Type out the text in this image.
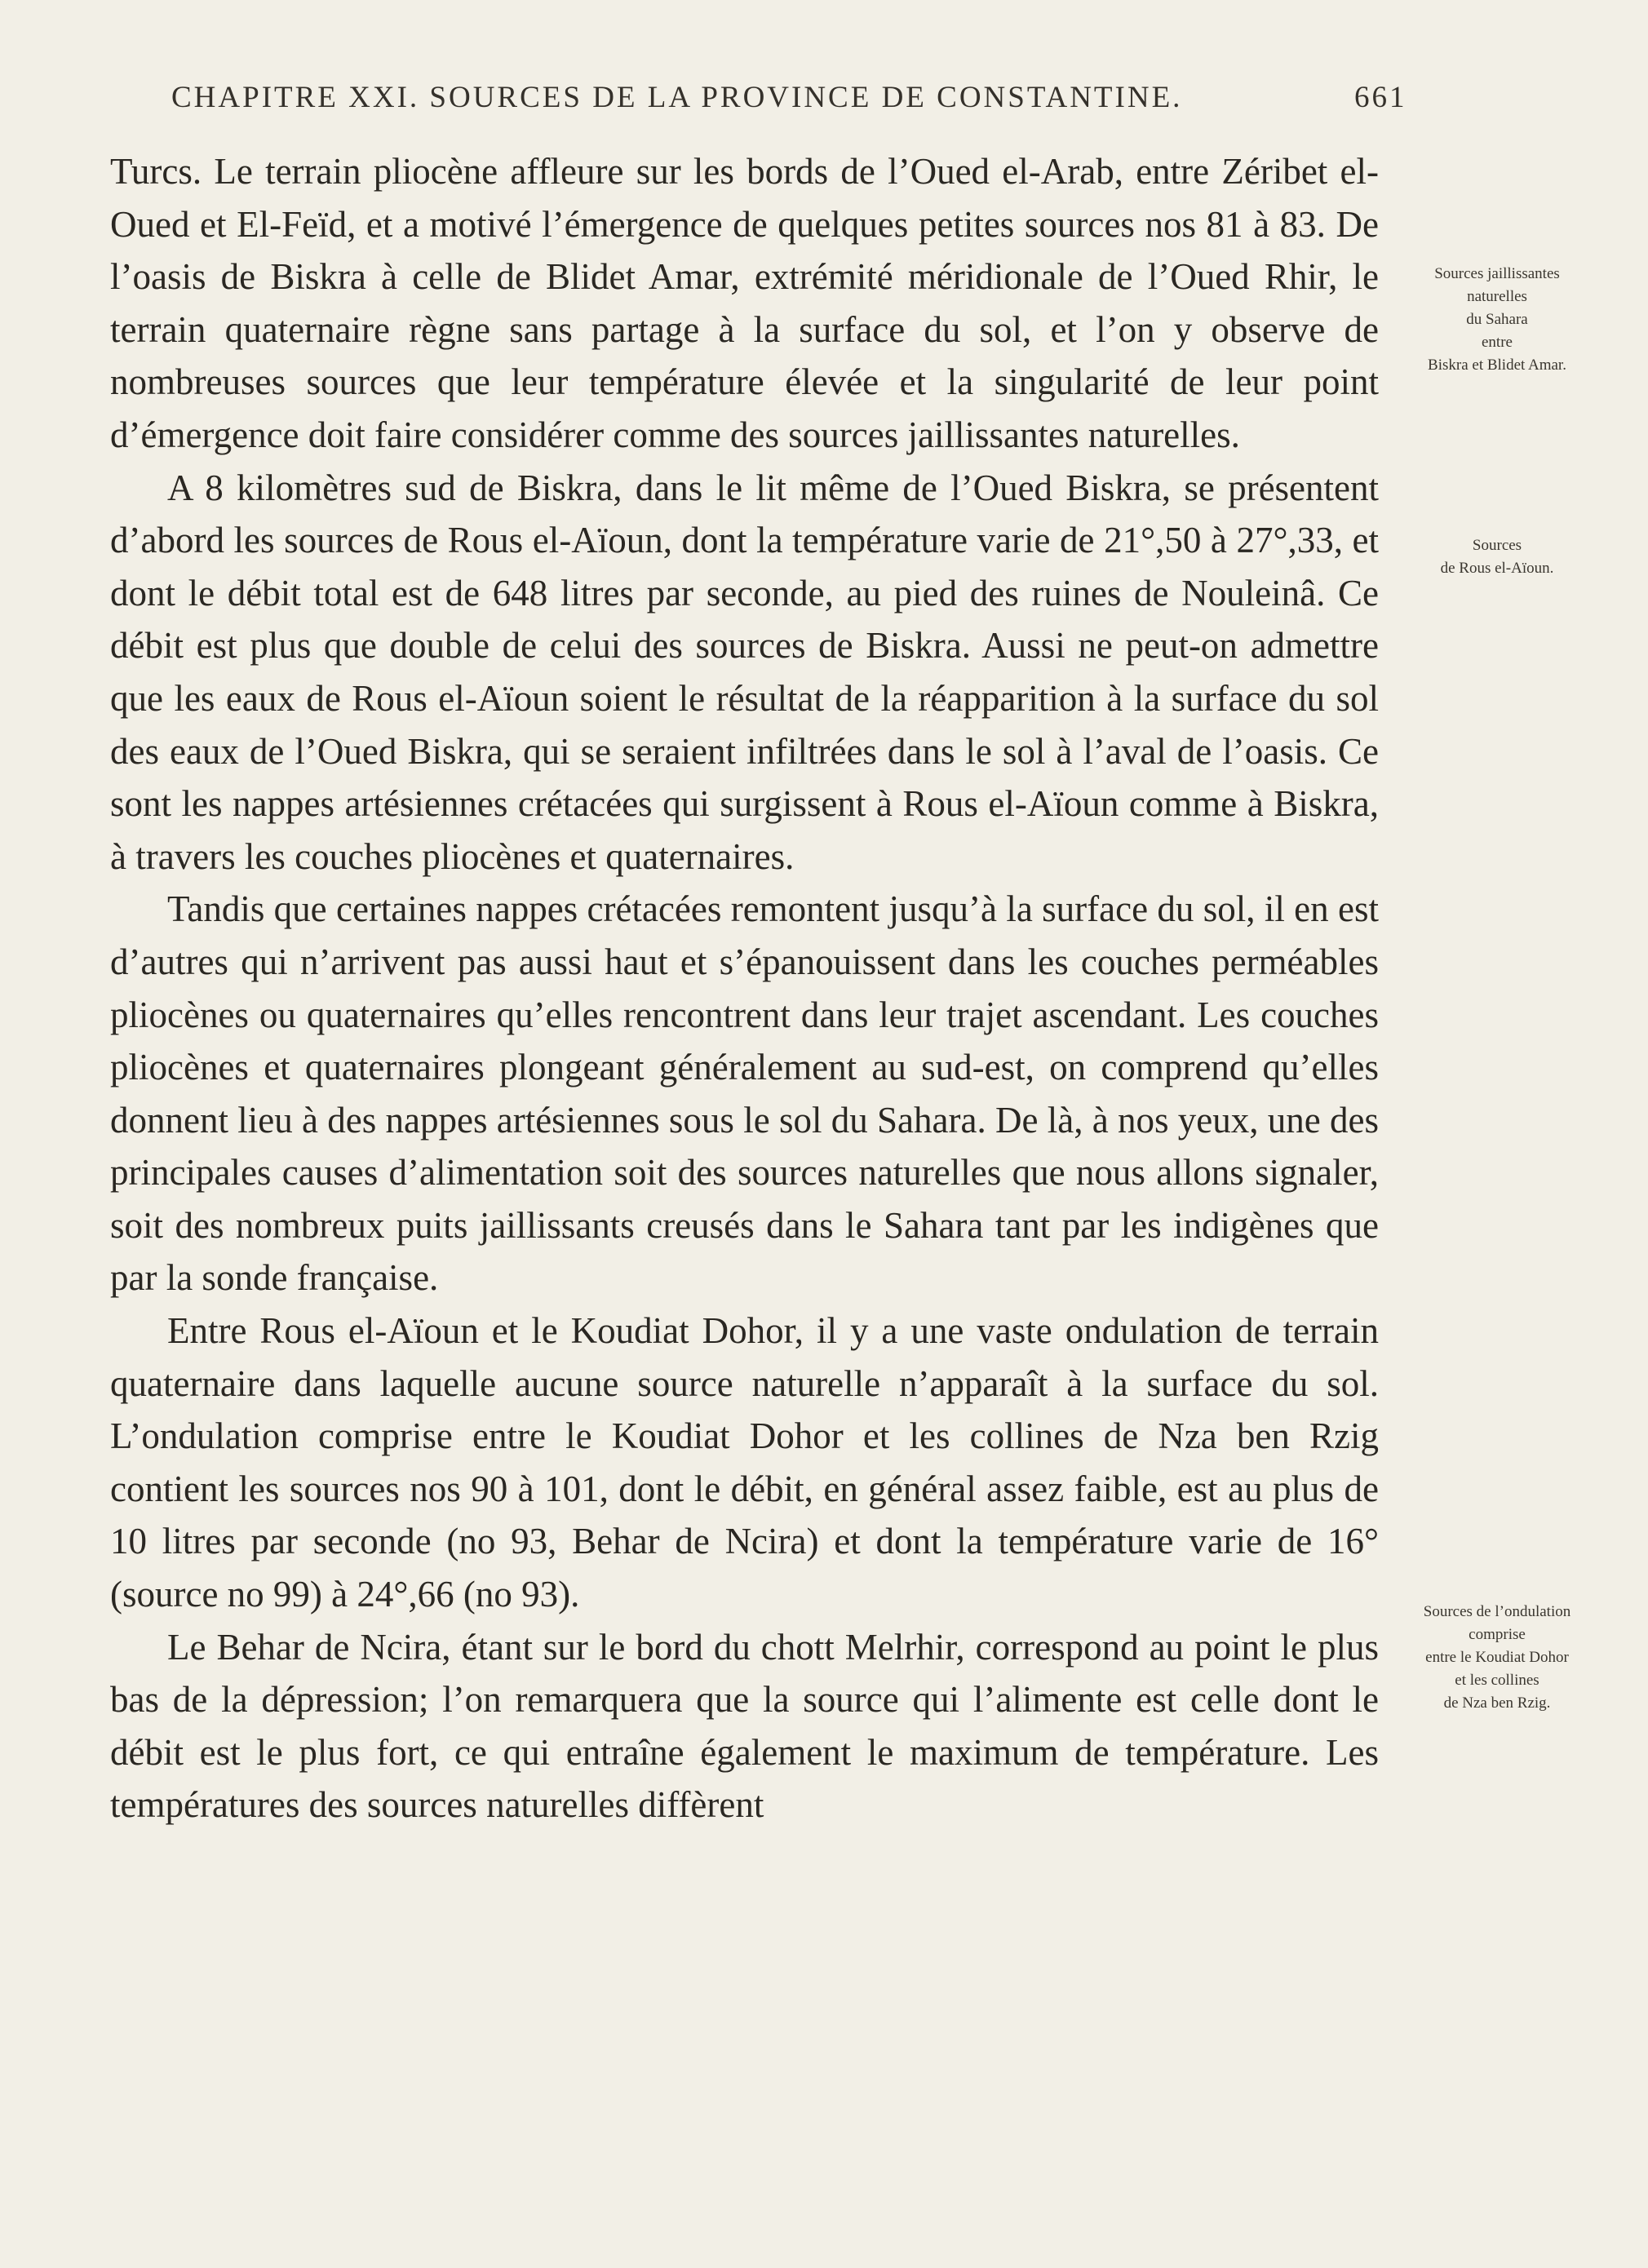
CHAPITRE XXI. SOURCES DE LA PROVINCE DE CONSTANTINE.	661

Turcs. Le terrain pliocène affleure sur les bords de l’Oued el-Arab, entre Zéribet el-Oued et El-Feïd, et a motivé l’émergence de quelques petites sources nos 81 à 83. De l’oasis de Biskra à celle de Blidet Amar, extrémité méridionale de l’Oued Rhir, le terrain quaternaire règne sans partage à la surface du sol, et l’on y observe de nombreuses sources que leur température élevée et la singularité de leur point d’émergence doit faire considérer comme des sources jaillissantes naturelles.

A 8 kilomètres sud de Biskra, dans le lit même de l’Oued Biskra, se présentent d’abord les sources de Rous el-Aïoun, dont la température varie de 21°,50 à 27°,33, et dont le débit total est de 648 litres par seconde, au pied des ruines de Nouleinâ. Ce débit est plus que double de celui des sources de Biskra. Aussi ne peut-on admettre que les eaux de Rous el-Aïoun soient le résultat de la réapparition à la surface du sol des eaux de l’Oued Biskra, qui se seraient infiltrées dans le sol à l’aval de l’oasis. Ce sont les nappes artésiennes crétacées qui surgissent à Rous el-Aïoun comme à Biskra, à travers les couches pliocènes et quaternaires.

Tandis que certaines nappes crétacées remontent jusqu’à la surface du sol, il en est d’autres qui n’arrivent pas aussi haut et s’épanouissent dans les couches perméables pliocènes ou quaternaires qu’elles rencontrent dans leur trajet ascendant. Les couches pliocènes et quaternaires plongeant généralement au sud-est, on comprend qu’elles donnent lieu à des nappes artésiennes sous le sol du Sahara. De là, à nos yeux, une des principales causes d’alimentation soit des sources naturelles que nous allons signaler, soit des nombreux puits jaillissants creusés dans le Sahara tant par les indigènes que par la sonde française.

Entre Rous el-Aïoun et le Koudiat Dohor, il y a une vaste ondulation de terrain quaternaire dans laquelle aucune source naturelle n’apparaît à la surface du sol. L’ondulation comprise entre le Koudiat Dohor et les collines de Nza ben Rzig contient les sources nos 90 à 101, dont le débit, en général assez faible, est au plus de 10 litres par seconde (no 93, Behar de Ncira) et dont la température varie de 16° (source no 99) à 24°,66 (no 93).

Le Behar de Ncira, étant sur le bord du chott Melrhir, correspond au point le plus bas de la dépression; l’on remarquera que la source qui l’alimente est celle dont le débit est le plus fort, ce qui entraîne également le maximum de température. Les températures des sources naturelles diffèrent

Sources jaillissantes
naturelles
du Sahara
entre
Biskra et Blidet Amar.
Sources
de Rous el-Aïoun.
Sources de l’ondulation
comprise
entre le Koudiat Dohor
et les collines
de Nza ben Rzig.
